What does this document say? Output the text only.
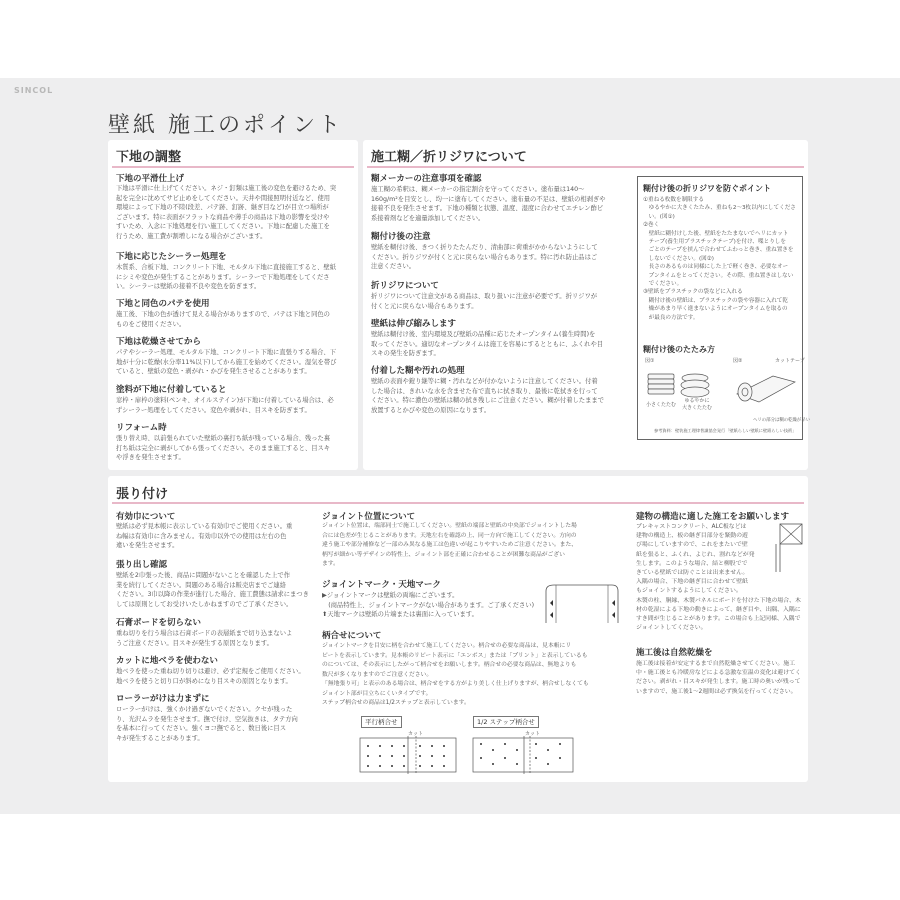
SINCOL
壁紙 施工のポイント
下地の調整
下地の平滑仕上げ
下地は平滑に仕上げてください。ネジ・釘類は施工後の変色を避けるため、突
起を完全に沈めてサビ止めをしてください。天井や間接照明付近など、使用
環境によって下地の不陸(段差、パテ跡、釘跡、継ぎ目など)が目立つ場所が
ございます。特に表面がフラットな商品や薄手の商品は下地の影響を受けや
すいため、入念に下地処理を行い施工してください。下地に配慮した施工を
行うため、施工費が割増しになる場合がございます。
下地に応じたシーラー処理を
木質系、合板下地、コンクリート下地、モルタル下地に直接施工すると、壁紙
にシミや変色が発生することがあります。シーラーで下地処理をしてくださ
い。シーラーは壁紙の接着不良や変色を防ぎます。
下地と同色のパテを使用
施工後、下地の色が透けて見える場合がありますので、パテは下地と同色の
ものをご使用ください。
下地は乾燥させてから
パテやシーラー処理、モルタル下地、コンクリート下地に直張りする場合、下
地が十分に乾燥(水分率11%以下)してから施工を始めてください。湿気を帯び
ていると、壁紙の変色・剥がれ・かびを発生させることがあります。
塗料が下地に付着していると
窓枠・扉枠の塗料(ペンキ、オイルステイン)が下地に付着している場合は、必
ずシーラー処理をしてください。変色や剥がれ、目スキを防ぎます。
リフォーム時
張り替え時、以前張られていた壁紙の裏打ち紙が残っている場合、残った裏
打ち紙は完全に剥がしてから張ってください。そのまま施工すると、目スキ
や浮きを発生させます。
施工糊／折リジワについて
糊メーカーの注意事項を確認
施工糊の希釈は、糊メーカーの指定割合を守ってください。塗布量は140〜
160g/m²を目安とし、均一に塗布してください。塗布量の不足は、壁紙の相剥ぎや
接着不良を発生させます。下地の種類と状態、温度、湿度に合わせてエチレン酢ビ
系接着剤などを適量添加してください。
糊付け後の注意
壁紙を糊付け後、きつく折りたたんだり、清曲部に荷重がかからないようにして
ください。折りジワが付くと元に戻らない場合もあります。特に汚れ防止品はご
注意ください。
折リジワについて
折リジワについて注意文がある商品は、取り扱いに注意が必要です。折リジワが
付くと元に戻らない場合もあります。
壁紙は伸び縮みします
壁紙は糊付け後、室内環境及び壁紙の品種に応じたオープンタイム(養生時間)を
取ってください。適切なオープンタイムは施工を容易にするとともに、ふくれや目
スキの発生を防ぎます。
付着した糊や汚れの処理
壁紙の表面や鎧り継等に糊・汚れなどが付かないように注意してください。付着
した場合は、きれいな水を含ませた布で直ちに拭き取り、最後に乾拭きを行って
ください。特に濃色の壁紙は糊の拭き残しにご注意ください。糊が付着したままで
放置するとかびや変色の原因になります。
糊付け後の折リジワを防ぐポイント
①重ねる枚数を制限する
　ゆるやかに大きくたたみ、重ねも2〜3枚以内にしてくださ
　い。(図①)
②巻く
　壁紙に糊付けした後、壁紙をたたまないでヘリにカット
　テープ(養生用プラスチックテープ)を付け、喋とりしを
　ごとのテープを挟んで合わせてふわっと巻き、重ね置きを
　しないでください。(図②)
　長さのあるものは同様にした上で軽く巻き、必要なオー
　プンタイムをとってください。その際、重ね置きはしない
　でください。
③壁紙をプラスチックの袋などに入れる
　糊付け後の壁紙は、プラスチックの袋や容器に入れて乾
　燥があまり早く進まないようにオープンタイムを取るの
　が最良の方法です。
糊付け後のたたみ方
図①	図②	カットテープ
小さくたたむ
ゆるやかに
大きくたたむ
ヘリの部分は糊の乾燥が早い
参考資料：壁装施工理律普識協会発行「壁紙らしい壁紙に壁紙らしい技術」
張り付け
有効巾について
壁紙は必ず見本帳に表示している有効巾でご使用ください。重
ね幅は有効巾に含みません。有効巾以外での使用は左右の色
違いを発生させます。
張り出し確認
壁紙を2巾張った後、商品に問題がないことを確認した上で作
業を続行してください。問題のある場合は販売店までご連絡
ください。3巾以降の作業が進行した場合、施工費態は請求にまつき
しては原則としてお受けいたしかねますのでご了承ください。
石膏ボードを切らない
重ね切りを行う場合は石膏ボードの表層紙まで切り込まないよ
うご注意ください。目スキが発生する原因となります。
カットに地ベラを使わない
地ベラを使った重ね切り切りは避け、必ず定規をご使用ください。
地ベラを使うと切り口が斜めになり目スキの原因となります。
ローラーがけは力まずに
ローラーがけは、強くかけ過ぎないでください。クセが残った
り、光沢ムラを発生させます。撫で付け、空気抜きは、タテ方向
を基本に行ってください。強くヨコ撫でると、数日後に目ス
キが発生することがあります。
ジョイント位置について
ジョイント位置は、端部同士で施工してください。壁紙の端部と壁紙の中央部でジョイントした場
合には色差が生じることがあります。天地左右を確認の上、同一方向で施工してください。方向の
違う施工や部分補修など一部のみ異なる施工は色違いが起こりやすいためご注意ください。また、
柄写が細かい等デザインの特性上、ジョイント部を正確に合わせることが困難な商品がござい
ます。
ジョイントマーク・天地マーク
▶ジョイントマークは壁紙の両端にございます。
　(商品特性上、ジョイントマークがない場合があります。ご了承ください)
⬆天地マークは壁紙の片端または裏面に入っています。
柄合せについて
ジョイントマークを目安に柄を合わせて施工してください。柄合せの必要な商品は、見本帳にリ
ピートを表示しています。見本帳のリピート表示に「エンボス」または「プリント」と表示しているも
のについては、その表示にしたがって柄合せをお願いします。柄合せの必要な商品は、無地よりも
数尺が多くなりますのでご注意ください。
「無地張り可」と表示のある場合は、柄合せをする方がより美しく仕上げりますが、柄合せしなくても
ジョイント部が目立ちにくいタイプです。
ステップ柄合せの商品は1/2ステップと表示しています。
平行柄合せ	1/2 ステップ柄合せ
カット	カット
建物の構造に適した施工をお願いします
プレキャストコンクリート、ALC板などは
建物の構造上、板の継ぎ目部分を緊動の遊
び場にしていますので、これをまたいで壁
紙を張ると、ふくれ、よじれ、割れなどが発
生します。このような場合、結と柳股でで
きている壁紙では防ぐことは出来ません。
入隅の場合、下地の継ぎ目に合わせて壁紙
もジョイントするようにしてください。
木製の柱、胴縁、木製パネルにボードを付けた下地の場合、木材の乾湿による下地の動きによって、継ぎ目や、出隅、入隅にすき間が生じることがあります。この場合も上記同様、入隅でジョイントしてください。
施工後は自然乾燥を
施工後は接着が安定するまで自然乾燥させてください。施工中・施工後とも冷暖房などによる急激な室温の変化は避けてください。剥がれ・目スキが発生します。施工時の奥いが残っていますので、施工後1〜2週間は必ず換気を行ってください。
